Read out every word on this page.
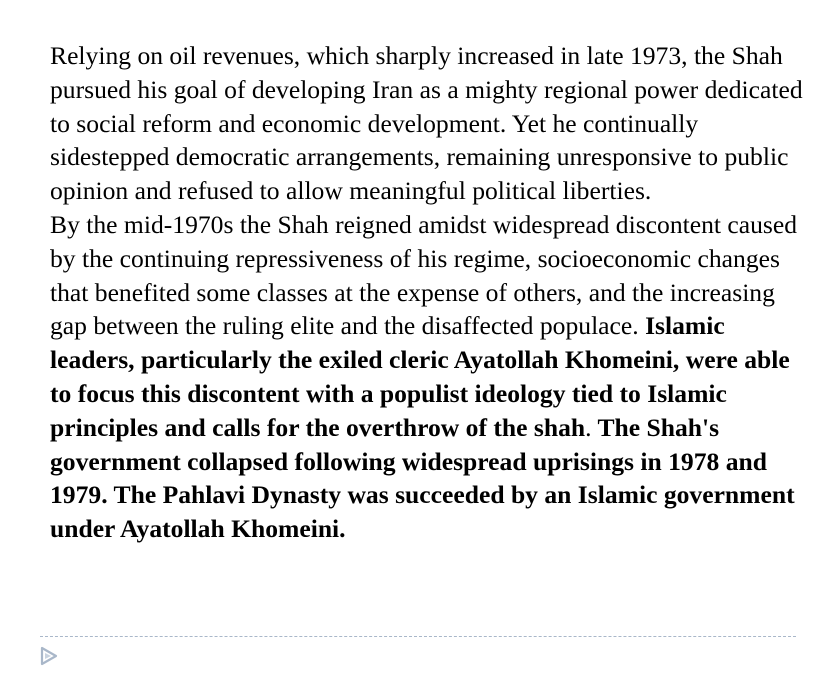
Relying on oil revenues, which sharply increased in late 1973, the Shah pursued his goal of developing Iran as a mighty regional power dedicated to social reform and economic development. Yet he continually sidestepped democratic arrangements, remaining unresponsive to public opinion and refused to allow meaningful political liberties.

By the mid-1970s the Shah reigned amidst widespread discontent caused by the continuing repressiveness of his regime, socioeconomic changes that benefited some classes at the expense of others, and the increasing gap between the ruling elite and the disaffected populace. Islamic leaders, particularly the exiled cleric Ayatollah Khomeini, were able to focus this discontent with a populist ideology tied to Islamic principles and calls for the overthrow of the shah. The Shah's government collapsed following widespread uprisings in 1978 and 1979. The Pahlavi Dynasty was succeeded by an Islamic government under Ayatollah Khomeini.
